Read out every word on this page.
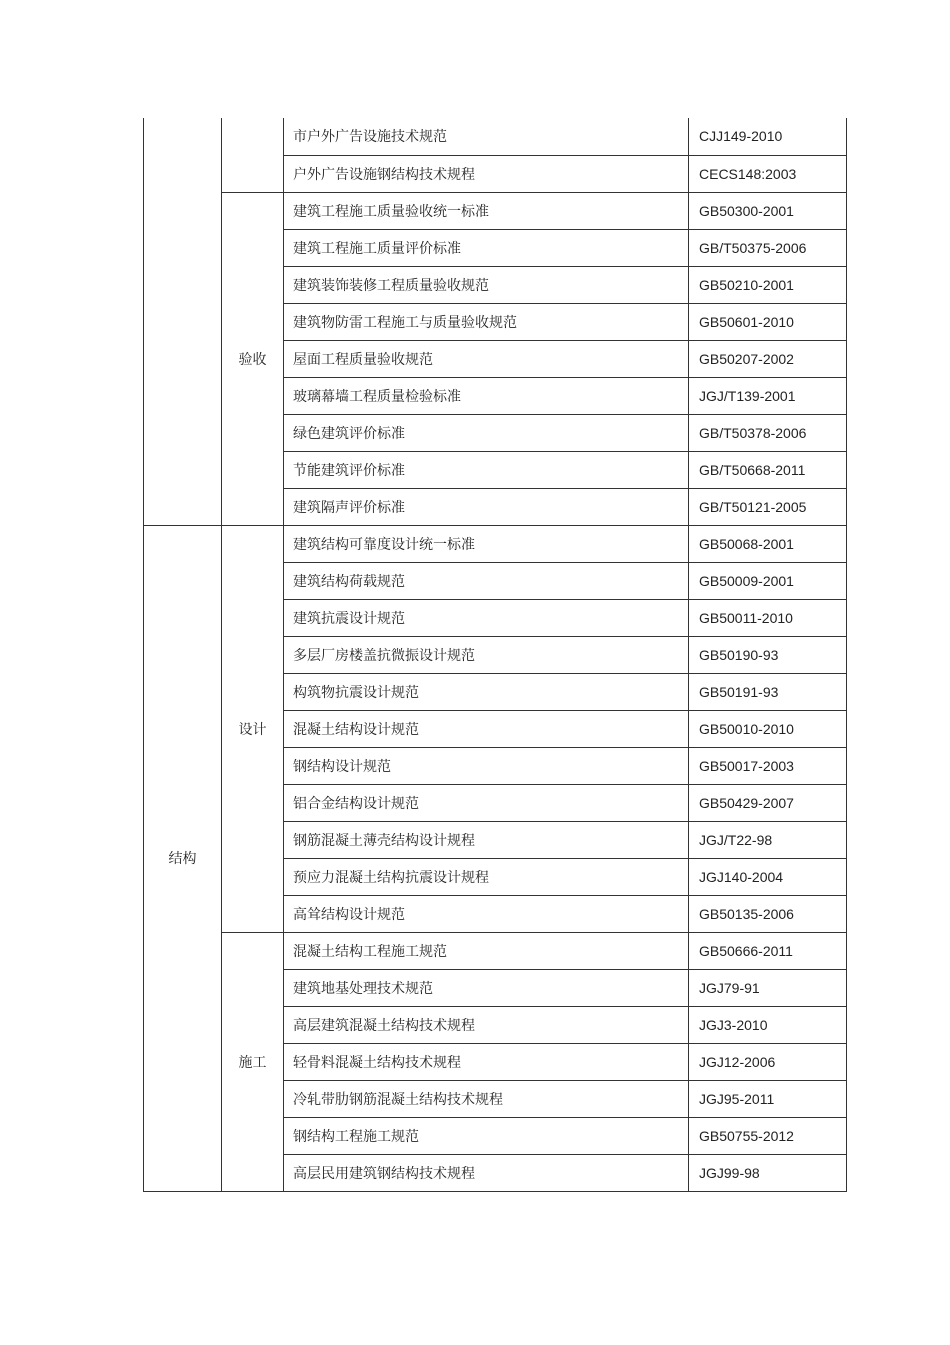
		市户外广告设施技术规范	CJJ149-2010
		户外广告设施钢结构技术规程	CECS148:2003
	验收	建筑工程施工质量验收统一标准	GB50300-2001
		建筑工程施工质量评价标准	GB/T50375-2006
		建筑装饰装修工程质量验收规范	GB50210-2001
		建筑物防雷工程施工与质量验收规范	GB50601-2010
		屋面工程质量验收规范	GB50207-2002
		玻璃幕墙工程质量检验标准	JGJ/T139-2001
		绿色建筑评价标准	GB/T50378-2006
		节能建筑评价标准	GB/T50668-2011
		建筑隔声评价标准	GB/T50121-2005
结构	设计	建筑结构可靠度设计统一标准	GB50068-2001
		建筑结构荷载规范	GB50009-2001
		建筑抗震设计规范	GB50011-2010
		多层厂房楼盖抗微振设计规范	GB50190-93
		构筑物抗震设计规范	GB50191-93
		混凝土结构设计规范	GB50010-2010
		钢结构设计规范	GB50017-2003
		铝合金结构设计规范	GB50429-2007
		钢筋混凝土薄壳结构设计规程	JGJ/T22-98
		预应力混凝土结构抗震设计规程	JGJ140-2004
		高耸结构设计规范	GB50135-2006
	施工	混凝土结构工程施工规范	GB50666-2011
		建筑地基处理技术规范	JGJ79-91
		高层建筑混凝土结构技术规程	JGJ3-2010
		轻骨料混凝土结构技术规程	JGJ12-2006
		冷轧带肋钢筋混凝土结构技术规程	JGJ95-2011
		钢结构工程施工规范	GB50755-2012
		高层民用建筑钢结构技术规程	JGJ99-98
